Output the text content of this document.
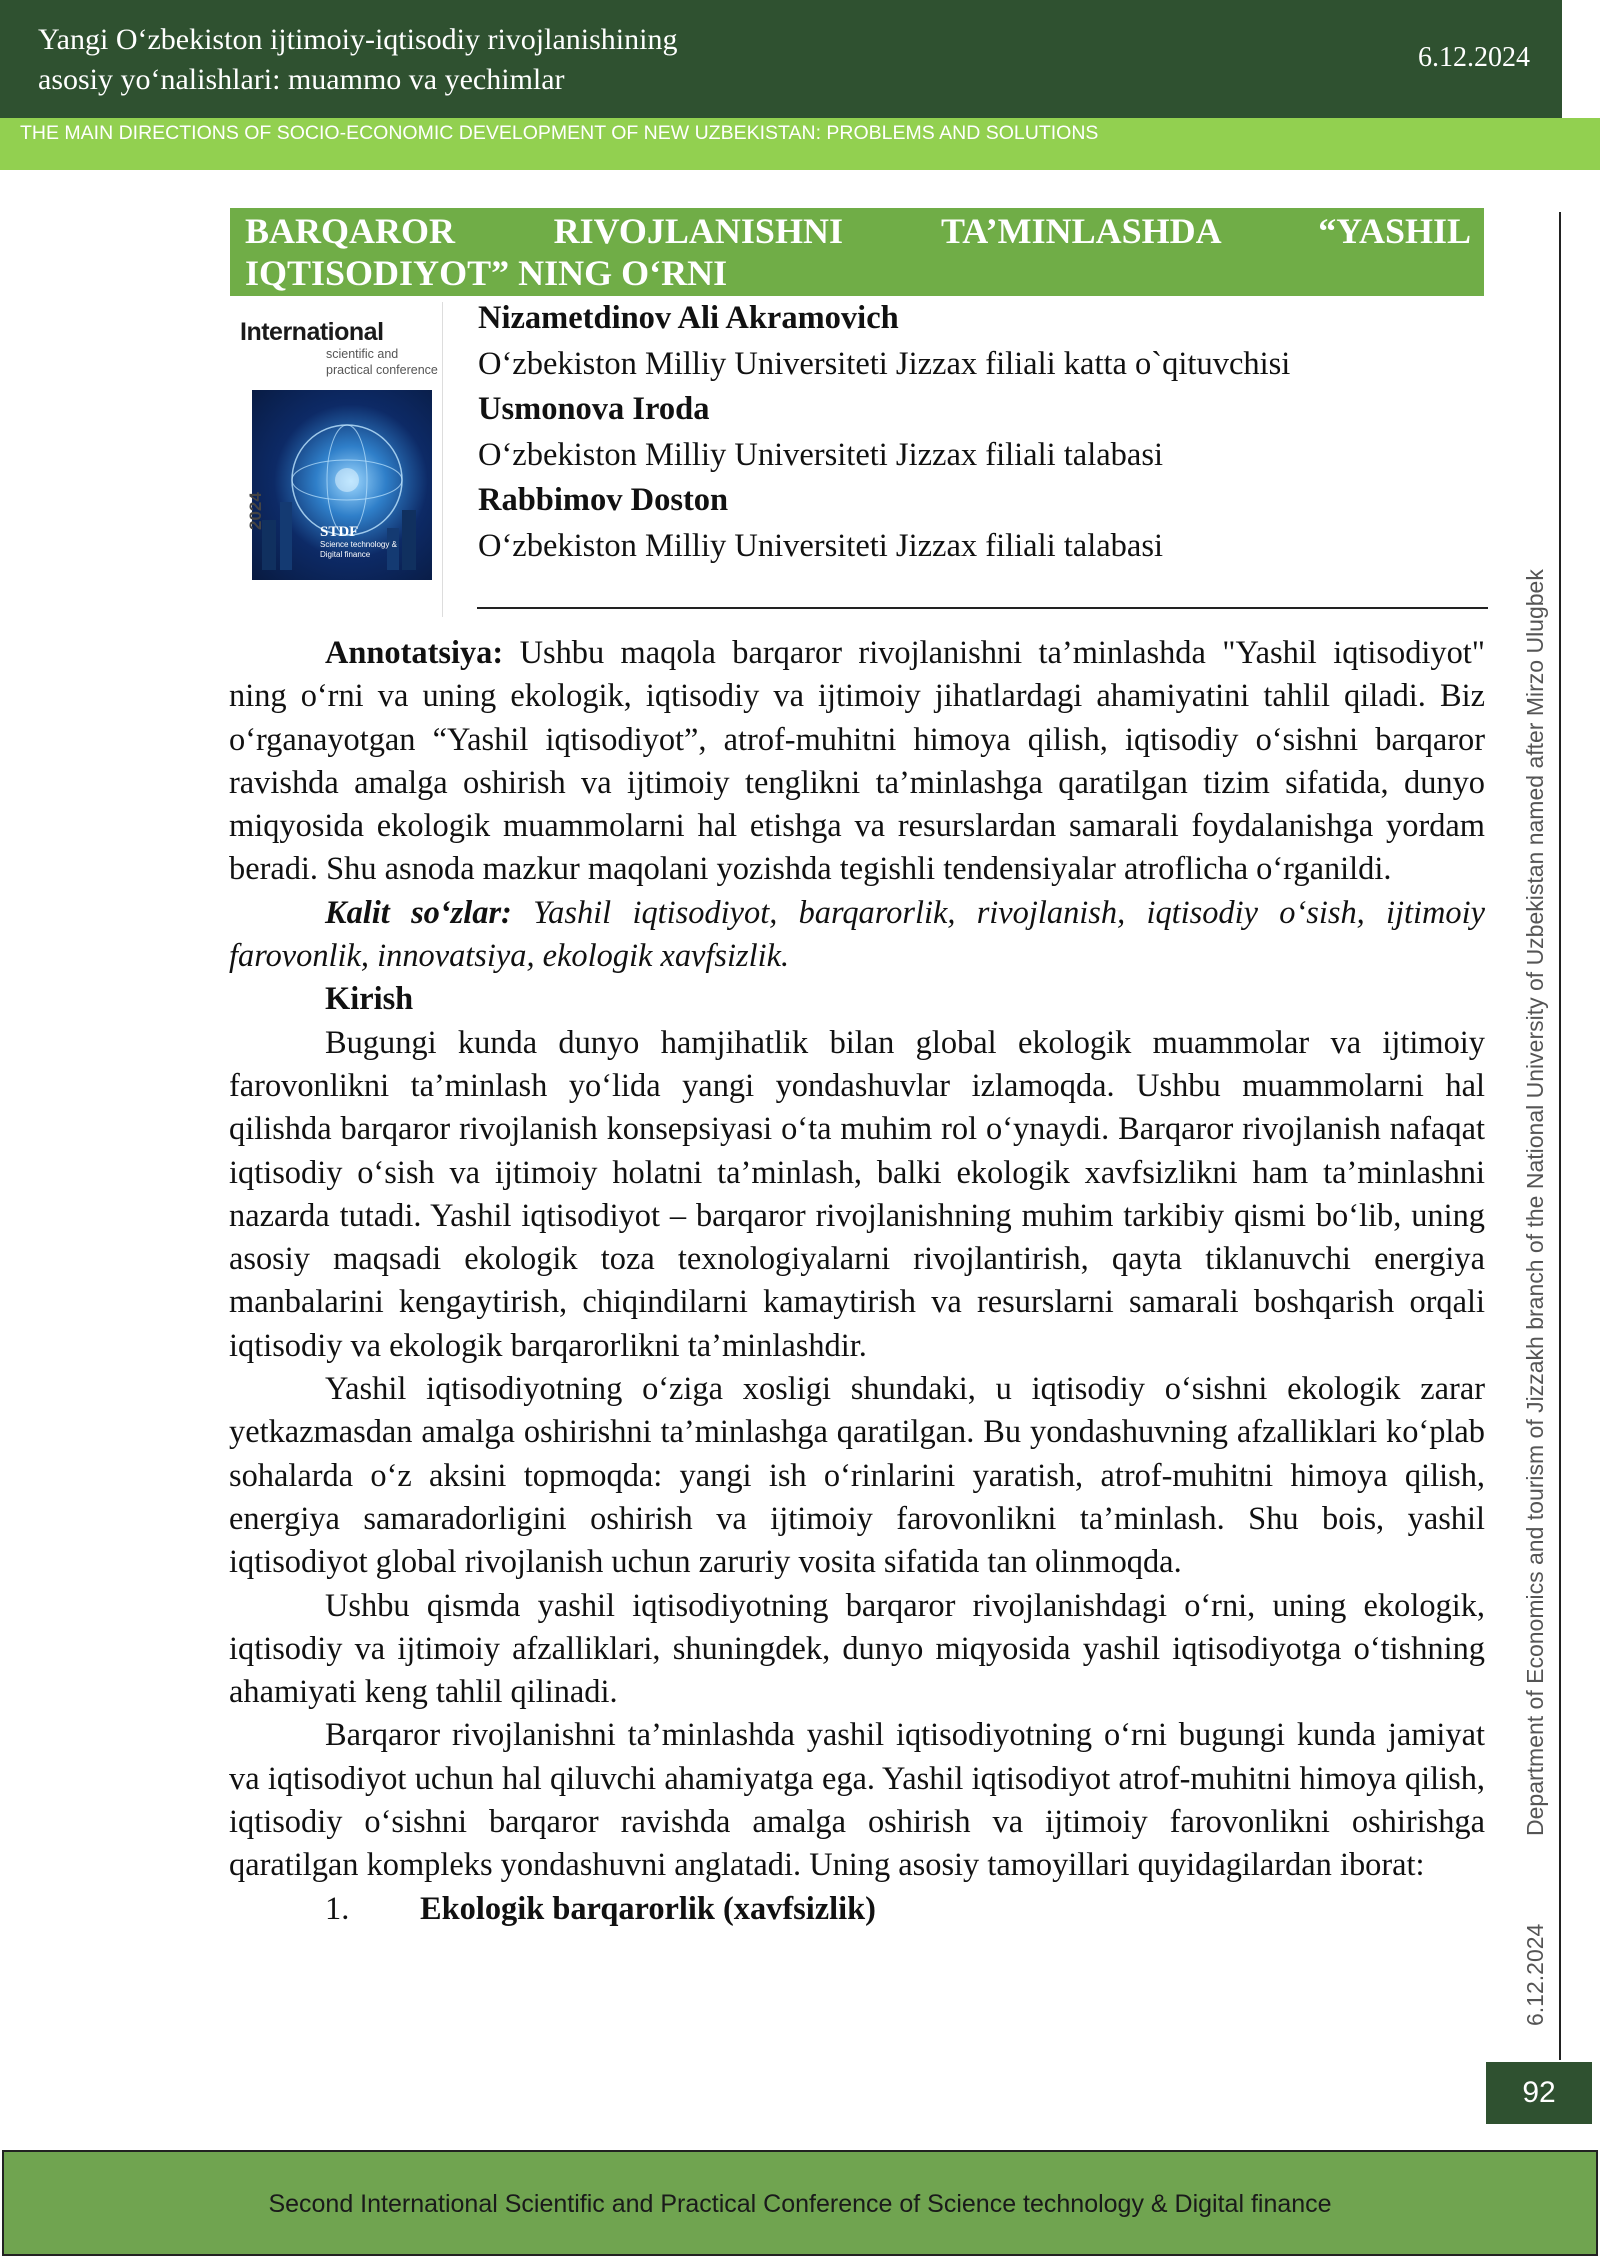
Yangi O‘zbekiston ijtimoiy-iqtisodiy rivojlanishining
asosiy yo‘nalishlari: muammo va yechimlar
6.12.2024
THE MAIN DIRECTIONS OF SOCIO-ECONOMIC DEVELOPMENT OF NEW UZBEKISTAN: PROBLEMS AND SOLUTIONS
BARQAROR RIVOJLANISHNI TA’MINLASHDA “YASHIL IQTISODIYOT” NING O‘RNI
International
scientific and
practical conference
2024
STDF
Science technology & Digital finance
Nizametdinov Ali Akramovich
O‘zbekiston Milliy Universiteti Jizzax filiali katta o`qituvchisi
Usmonova Iroda
O‘zbekiston Milliy Universiteti Jizzax filiali talabasi
Rabbimov Doston
O‘zbekiston Milliy Universiteti Jizzax filiali talabasi

Annotatsiya: Ushbu maqola barqaror rivojlanishni ta’minlashda "Yashil iqtisodiyot" ning o‘rni va uning ekologik, iqtisodiy va ijtimoiy jihatlardagi ahamiyatini tahlil qiladi. Biz o‘rganayotgan “Yashil iqtisodiyot”, atrof-muhitni himoya qilish, iqtisodiy o‘sishni barqaror ravishda amalga oshirish va ijtimoiy tenglikni ta’minlashga qaratilgan tizim sifatida, dunyo miqyosida ekologik muammolarni hal etishga va resurslardan samarali foydalanishga yordam beradi. Shu asnoda mazkur maqolani yozishda tegishli tendensiyalar atroflicha o‘rganildi.

Kalit so‘zlar: Yashil iqtisodiyot, barqarorlik, rivojlanish, iqtisodiy o‘sish, ijtimoiy farovonlik, innovatsiya, ekologik xavfsizlik.

Kirish

Bugungi kunda dunyo hamjihatlik bilan global ekologik muammolar va ijtimoiy farovonlikni ta’minlash yo‘lida yangi yondashuvlar izlamoqda. Ushbu muammolarni hal qilishda barqaror rivojlanish konsepsiyasi o‘ta muhim rol o‘ynaydi. Barqaror rivojlanish nafaqat iqtisodiy o‘sish va ijtimoiy holatni ta’minlash, balki ekologik xavfsizlikni ham ta’minlashni nazarda tutadi. Yashil iqtisodiyot – barqaror rivojlanishning muhim tarkibiy qismi bo‘lib, uning asosiy maqsadi ekologik toza texnologiyalarni rivojlantirish, qayta tiklanuvchi energiya manbalarini kengaytirish, chiqindilarni kamaytirish va resurslarni samarali boshqarish orqali iqtisodiy va ekologik barqarorlikni ta’minlashdir.

Yashil iqtisodiyotning o‘ziga xosligi shundaki, u iqtisodiy o‘sishni ekologik zarar yetkazmasdan amalga oshirishni ta’minlashga qaratilgan. Bu yondashuvning afzalliklari ko‘plab sohalarda o‘z aksini topmoqda: yangi ish o‘rinlarini yaratish, atrof-muhitni himoya qilish, energiya samaradorligini oshirish va ijtimoiy farovonlikni ta’minlash. Shu bois, yashil iqtisodiyot global rivojlanish uchun zaruriy vosita sifatida tan olinmoqda.

Ushbu qismda yashil iqtisodiyotning barqaror rivojlanishdagi o‘rni, uning ekologik, iqtisodiy va ijtimoiy afzalliklari, shuningdek, dunyo miqyosida yashil iqtisodiyotga o‘tishning ahamiyati keng tahlil qilinadi.

Barqaror rivojlanishni ta’minlashda yashil iqtisodiyotning o‘rni bugungi kunda jamiyat va iqtisodiyot uchun hal qiluvchi ahamiyatga ega. Yashil iqtisodiyot atrof-muhitni himoya qilish, iqtisodiy o‘sishni barqaror ravishda amalga oshirish va ijtimoiy farovonlikni oshirishga qaratilgan kompleks yondashuvni anglatadi. Uning asosiy tamoyillari quyidagilardan iborat:

1. Ekologik barqarorlik (xavfsizlik)

Department of Economics and tourism of Jizzakh branch of the National University of Uzbekistan named after Mirzo Ulugbek
6.12.2024
92
Second International Scientific and Practical Conference of Science technology & Digital finance
